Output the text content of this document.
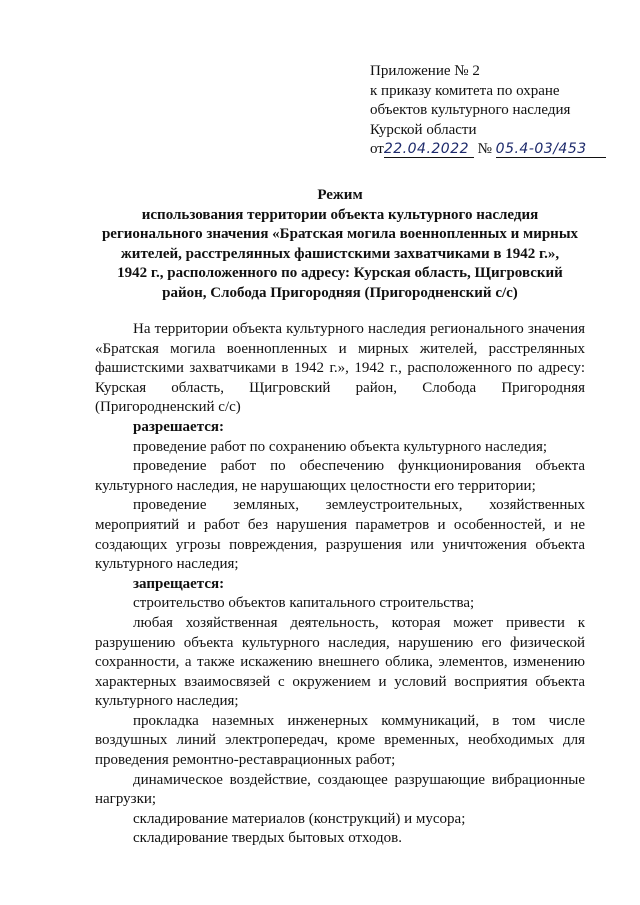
Приложение № 2
к приказу комитета по охране
объектов культурного наследия
Курской области
от22.04.2022 № 05.4-03/453
Режим
использования территории объекта культурного наследия
регионального значения «Братская могила военнопленных и мирных
жителей, расстрелянных фашистскими захватчиками в 1942 г.»,
1942 г., расположенного по адресу: Курская область, Щигровский
район, Слобода Пригородняя (Пригородненский с/с)

На территории объекта культурного наследия регионального значения «Братская могила военнопленных и мирных жителей, расстрелянных фашистскими захватчиками в 1942 г.», 1942 г., расположенного по адресу: Курская область, Щигровский район, Слобода Пригородняя (Пригородненский с/с)

разрешается:

проведение работ по сохранению объекта культурного наследия;

проведение работ по обеспечению функционирования объекта культурного наследия, не нарушающих целостности его территории;

проведение земляных, землеустроительных, хозяйственных мероприятий и работ без нарушения параметров и особенностей, и не создающих угрозы повреждения, разрушения или уничтожения объекта культурного наследия;

запрещается:

строительство объектов капитального строительства;

любая хозяйственная деятельность, которая может привести к разрушению объекта культурного наследия, нарушению его физической сохранности, а также искажению внешнего облика, элементов, изменению характерных взаимосвязей с окружением и условий восприятия объекта культурного наследия;

прокладка наземных инженерных коммуникаций, в том числе воздушных линий электропередач, кроме временных, необходимых для проведения ремонтно-реставрационных работ;

динамическое воздействие, создающее разрушающие вибрационные нагрузки;

складирование материалов (конструкций) и мусора;

складирование твердых бытовых отходов.
